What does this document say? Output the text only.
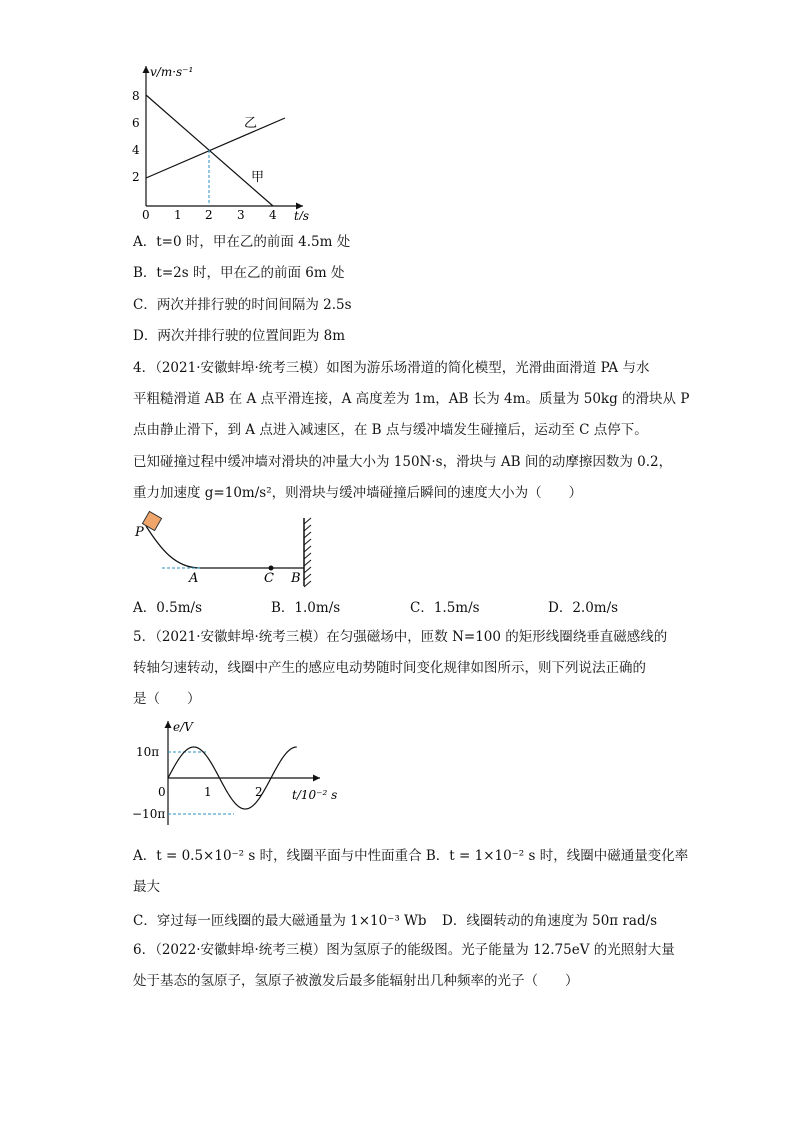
v/m·s⁻¹
t/s
8
6
4
2
0 1 2 3 4
乙
甲
A．t=0 时，甲在乙的前面 4.5m 处
B．t=2s 时，甲在乙的前面 6m 处
C．两次并排行驶的时间间隔为 2.5s
D．两次并排行驶的位置间距为 8m
4．（2021·安徽蚌埠·统考三模）如图为游乐场滑道的简化模型，光滑曲面滑道 PA 与水
平粗糙滑道 AB 在 A 点平滑连接，A 高度差为 1m，AB 长为 4m。质量为 50kg 的滑块从 P
点由静止滑下，到 A 点进入减速区，在 B 点与缓冲墙发生碰撞后，运动至 C 点停下。
已知碰撞过程中缓冲墙对滑块的冲量大小为 150N·s，滑块与 AB 间的动摩擦因数为 0.2，
重力加速度 g=10m/s²，则滑块与缓冲墙碰撞后瞬间的速度大小为（　　）
P
A	C B
A．0.5m/s	B．1.0m/s	C．1.5m/s	D．2.0m/s
5．（2021·安徽蚌埠·统考三模）在匀强磁场中，匝数 N=100 的矩形线圈绕垂直磁感线的
转轴匀速转动，线圈中产生的感应电动势随时间变化规律如图所示，则下列说法正确的
是（　　）
e/V
t/10⁻² s
10π
−10π
0	1	2
A．t = 0.5×10⁻² s 时，线圈平面与中性面重合 B．t = 1×10⁻² s 时，线圈中磁通量变化率
最大
C．穿过每一匝线圈的最大磁通量为 1×10⁻³ Wb D．线圈转动的角速度为 50π rad/s
6．（2022·安徽蚌埠·统考三模）图为氢原子的能级图。光子能量为 12.75eV 的光照射大量
处于基态的氢原子，氢原子被激发后最多能辐射出几种频率的光子（　　）
